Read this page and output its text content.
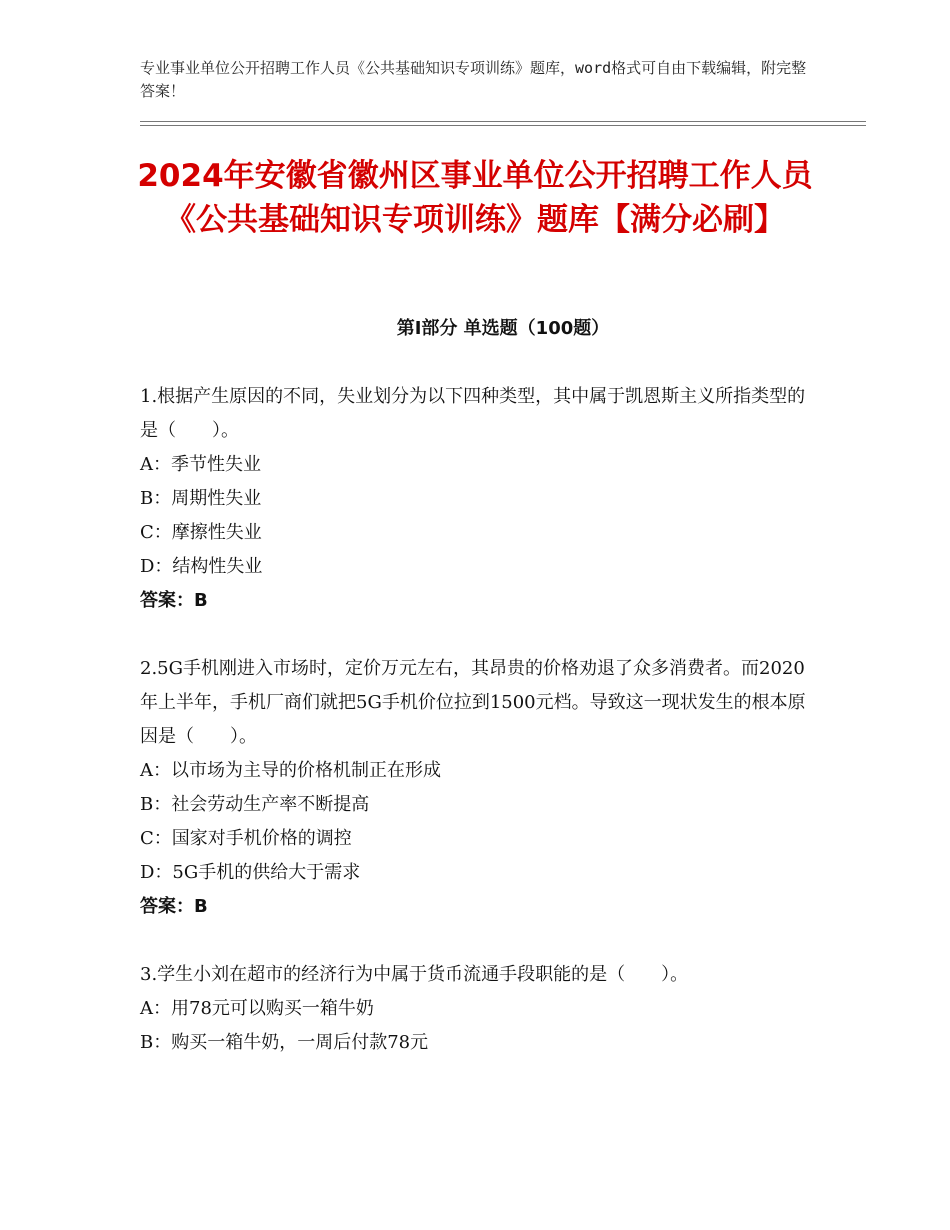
专业事业单位公开招聘工作人员《公共基础知识专项训练》题库，word格式可自由下载编辑，附完整答案！
2024年安徽省徽州区事业单位公开招聘工作人员《公共基础知识专项训练》题库【满分必刷】
第Ⅰ部分 单选题（100题）
1.根据产生原因的不同，失业划分为以下四种类型，其中属于凯恩斯主义所指类型的是（　　）。
A：季节性失业
B：周期性失业
C：摩擦性失业
D：结构性失业
答案：B
2.5G手机刚进入市场时，定价万元左右，其昂贵的价格劝退了众多消费者。而2020年上半年，手机厂商们就把5G手机价位拉到1500元档。导致这一现状发生的根本原因是（　　）。
A：以市场为主导的价格机制正在形成
B：社会劳动生产率不断提高
C：国家对手机价格的调控
D：5G手机的供给大于需求
答案：B
3.学生小刘在超市的经济行为中属于货币流通手段职能的是（　　）。
A：用78元可以购买一箱牛奶
B：购买一箱牛奶，一周后付款78元
